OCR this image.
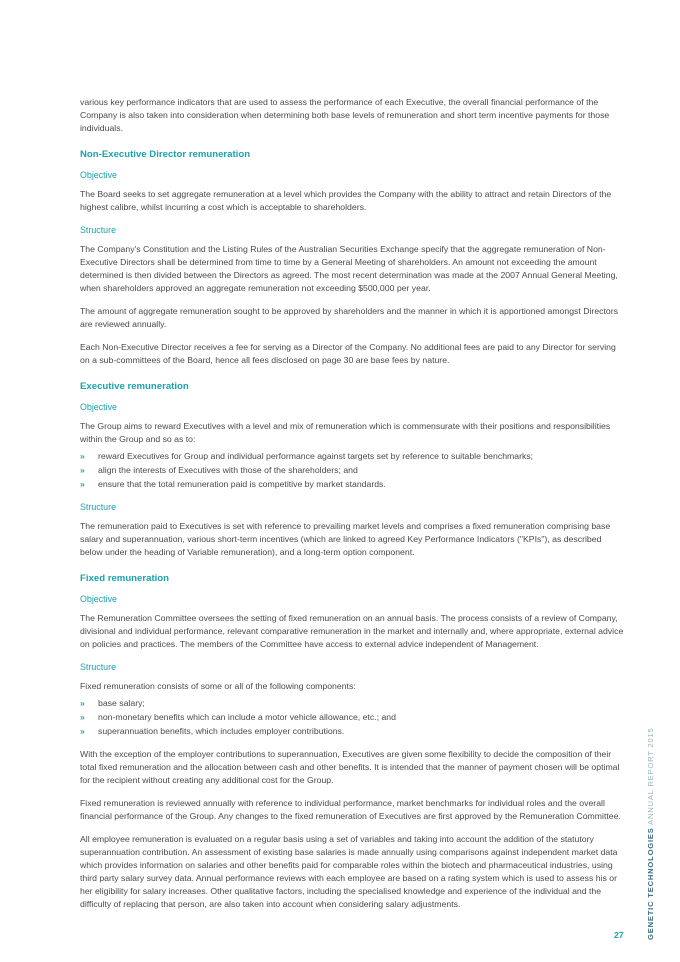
various key performance indicators that are used to assess the performance of each Executive, the overall financial performance of the Company is also taken into consideration when determining both base levels of remuneration and short term incentive payments for those individuals.

Non-Executive Director remuneration
Objective

The Board seeks to set aggregate remuneration at a level which provides the Company with the ability to attract and retain Directors of the highest calibre, whilst incurring a cost which is acceptable to shareholders.

Structure

The Company's Constitution and the Listing Rules of the Australian Securities Exchange specify that the aggregate remuneration of Non-Executive Directors shall be determined from time to time by a General Meeting of shareholders. An amount not exceeding the amount determined is then divided between the Directors as agreed. The most recent determination was made at the 2007 Annual General Meeting, when shareholders approved an aggregate remuneration not exceeding $500,000 per year.

The amount of aggregate remuneration sought to be approved by shareholders and the manner in which it is apportioned amongst Directors are reviewed annually.

Each Non-Executive Director receives a fee for serving as a Director of the Company. No additional fees are paid to any Director for serving on a sub-committees of the Board, hence all fees disclosed on page 30 are base fees by nature.

Executive remuneration
Objective

The Group aims to reward Executives with a level and mix of remuneration which is commensurate with their positions and responsibilities within the Group and so as to:

» reward Executives for Group and individual performance against targets set by reference to suitable benchmarks;
» align the interests of Executives with those of the shareholders; and
» ensure that the total remuneration paid is competitive by market standards.
Structure

The remuneration paid to Executives is set with reference to prevailing market levels and comprises a fixed remuneration comprising base salary and superannuation, various short-term incentives (which are linked to agreed Key Performance Indicators ("KPIs"), as described below under the heading of Variable remuneration), and a long-term option component.

Fixed remuneration
Objective

The Remuneration Committee oversees the setting of fixed remuneration on an annual basis. The process consists of a review of Company, divisional and individual performance, relevant comparative remuneration in the market and internally and, where appropriate, external advice on policies and practices. The members of the Committee have access to external advice independent of Management.

Structure

Fixed remuneration consists of some or all of the following components:

» base salary;
» non-monetary benefits which can include a motor vehicle allowance, etc.; and
» superannuation benefits, which includes employer contributions.

With the exception of the employer contributions to superannuation, Executives are given some flexibility to decide the composition of their total fixed remuneration and the allocation between cash and other benefits. It is intended that the manner of payment chosen will be optimal for the recipient without creating any additional cost for the Group.

Fixed remuneration is reviewed annually with reference to individual performance, market benchmarks for individual roles and the overall financial performance of the Group. Any changes to the fixed remuneration of Executives are first approved by the Remuneration Committee.

All employee remuneration is evaluated on a regular basis using a set of variables and taking into account the addition of the statutory superannuation contribution. An assessment of existing base salaries is made annually using comparisons against independent market data which provides information on salaries and other benefits paid for comparable roles within the biotech and pharmaceutical industries, using third party salary survey data. Annual performance reviews with each employee are based on a rating system which is used to assess his or her eligibility for salary increases. Other qualitative factors, including the specialised knowledge and experience of the individual and the difficulty of replacing that person, are also taken into account when considering salary adjustments.

27	GENETIC TECHNOLOGIES ANNUAL REPORT 2015
